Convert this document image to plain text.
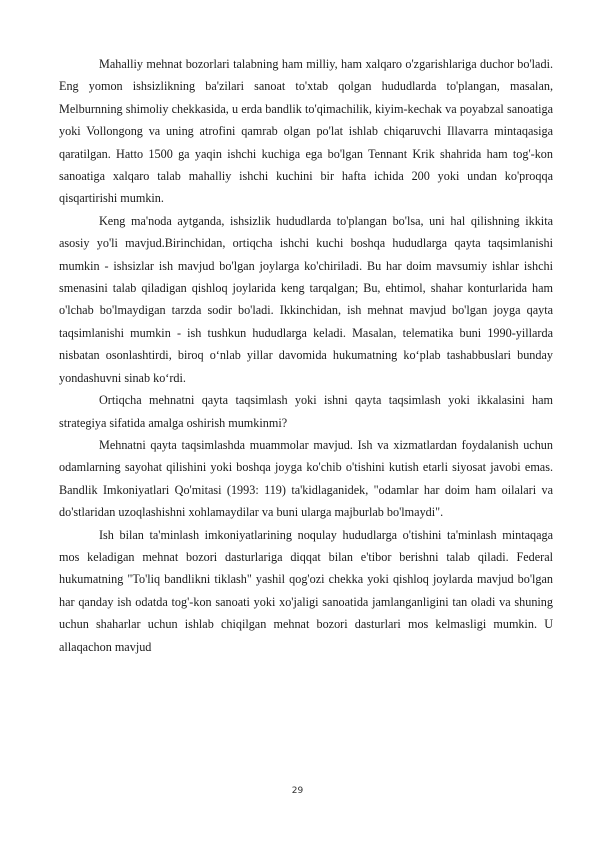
Mahalliy mehnat bozorlari talabning ham milliy, ham xalqaro o'zgarishlariga duchor bo'ladi. Eng yomon ishsizlikning ba'zilari sanoat to'xtab qolgan hududlarda to'plangan, masalan, Melburnning shimoliy chekkasida, u erda bandlik to'qimachilik, kiyim-kechak va poyabzal sanoatiga yoki Vollongong va uning atrofini qamrab olgan po'lat ishlab chiqaruvchi Illavarra mintaqasiga qaratilgan. Hatto 1500 ga yaqin ishchi kuchiga ega bo'lgan Tennant Krik shahrida ham tog'-kon sanoatiga xalqaro talab mahalliy ishchi kuchini bir hafta ichida 200 yoki undan ko'proqqa qisqartirishi mumkin.

Keng ma'noda aytganda, ishsizlik hududlarda to'plangan bo'lsa, uni hal qilishning ikkita asosiy yo'li mavjud.Birinchidan, ortiqcha ishchi kuchi boshqa hududlarga qayta taqsimlanishi mumkin - ishsizlar ish mavjud bo'lgan joylarga ko'chiriladi. Bu har doim mavsumiy ishlar ishchi smenasini talab qiladigan qishloq joylarida keng tarqalgan; Bu, ehtimol, shahar konturlarida ham o'lchab bo'lmaydigan tarzda sodir bo'ladi. Ikkinchidan, ish mehnat mavjud bo'lgan joyga qayta taqsimlanishi mumkin - ish tushkun hududlarga keladi. Masalan, telematika buni 1990-yillarda nisbatan osonlashtirdi, biroq o‘nlab yillar davomida hukumatning ko‘plab tashabbuslari bunday yondashuvni sinab ko‘rdi.

Ortiqcha mehnatni qayta taqsimlash yoki ishni qayta taqsimlash yoki ikkalasini ham strategiya sifatida amalga oshirish mumkinmi?

Mehnatni qayta taqsimlashda muammolar mavjud. Ish va xizmatlardan foydalanish uchun odamlarning sayohat qilishini yoki boshqa joyga ko'chib o'tishini kutish etarli siyosat javobi emas. Bandlik Imkoniyatlari Qo'mitasi (1993: 119) ta'kidlaganidek, "odamlar har doim ham oilalari va do'stlaridan uzoqlashishni xohlamaydilar va buni ularga majburlab bo'lmaydi".

Ish bilan ta'minlash imkoniyatlarining noqulay hududlarga o'tishini ta'minlash mintaqaga mos keladigan mehnat bozori dasturlariga diqqat bilan e'tibor berishni talab qiladi. Federal hukumatning "To'liq bandlikni tiklash" yashil qog'ozi chekka yoki qishloq joylarda mavjud bo'lgan har qanday ish odatda tog'-kon sanoati yoki xo'jaligi sanoatida jamlanganligini tan oladi va shuning uchun shaharlar uchun ishlab chiqilgan mehnat bozori dasturlari mos kelmasligi mumkin. U allaqachon mavjud

29
